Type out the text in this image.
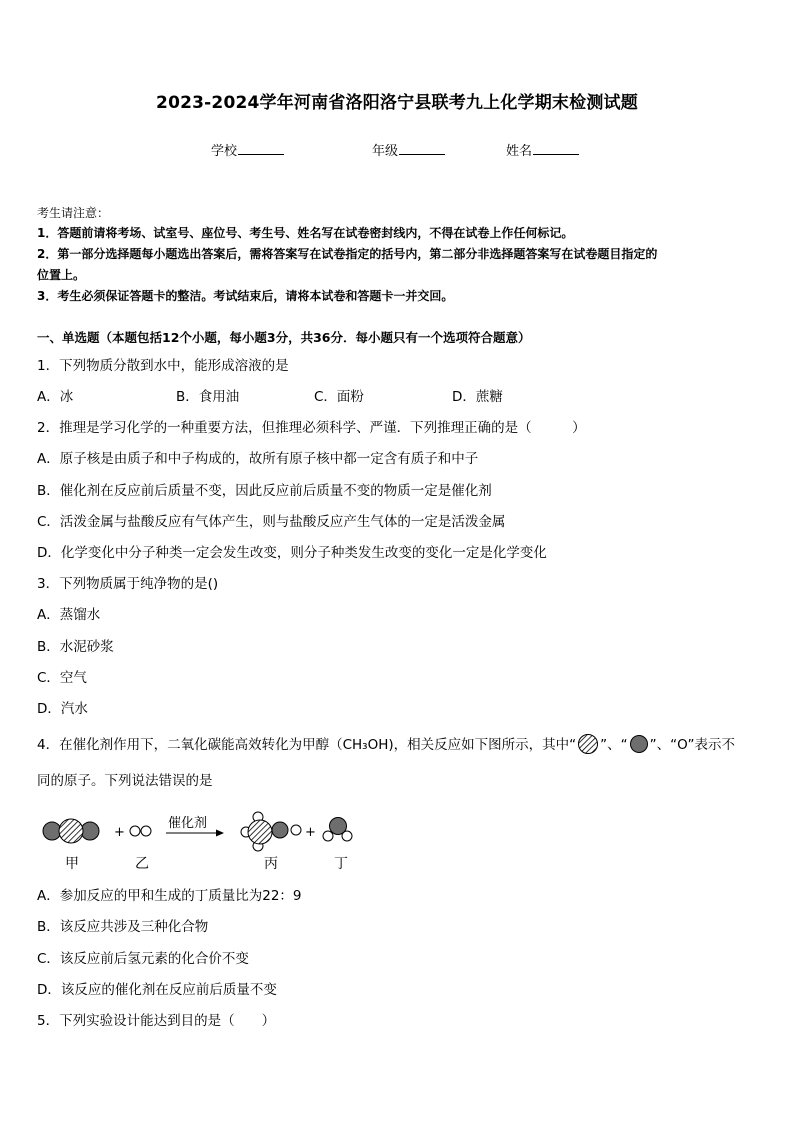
2023-2024学年河南省洛阳洛宁县联考九上化学期末检测试题
学校	年级	姓名
考生请注意：
1．答题前请将考场、试室号、座位号、考生号、姓名写在试卷密封线内，不得在试卷上作任何标记。
2．第一部分选择题每小题选出答案后，需将答案写在试卷指定的括号内，第二部分非选择题答案写在试卷题目指定的
位置上。
3．考生必须保证答题卡的整洁。考试结束后，请将本试卷和答题卡一并交回。
一、单选题（本题包括12个小题，每小题3分，共36分．每小题只有一个选项符合题意）
1．下列物质分散到水中，能形成溶液的是
A．冰	B．食用油	C．面粉	D．蔗糖
2．推理是学习化学的一种重要方法，但推理必须科学、严谨．下列推理正确的是（　　　）
A．原子核是由质子和中子构成的，故所有原子核中都一定含有质子和中子
B．催化剂在反应前后质量不变，因此反应前后质量不变的物质一定是催化剂
C．活泼金属与盐酸反应有气体产生，则与盐酸反应产生气体的一定是活泼金属
D．化学变化中分子种类一定会发生改变，则分子种类发生改变的变化一定是化学变化
3．下列物质属于纯净物的是()
A．蒸馏水
B．水泥砂浆
C．空气
D．汽水
4．在催化剂作用下，二氧化碳能高效转化为甲醇（CH₃OH)，相关反应如下图所示，其中“ ”、“ ”、“O”表示不
同的原子。下列说法错误的是
+
催化剂
+
甲	乙	丙	丁
A．参加反应的甲和生成的丁质量比为22：9
B．该反应共涉及三种化合物
C．该反应前后氢元素的化合价不变
D．该反应的催化剂在反应前后质量不变
5．下列实验设计能达到目的是（　　）
